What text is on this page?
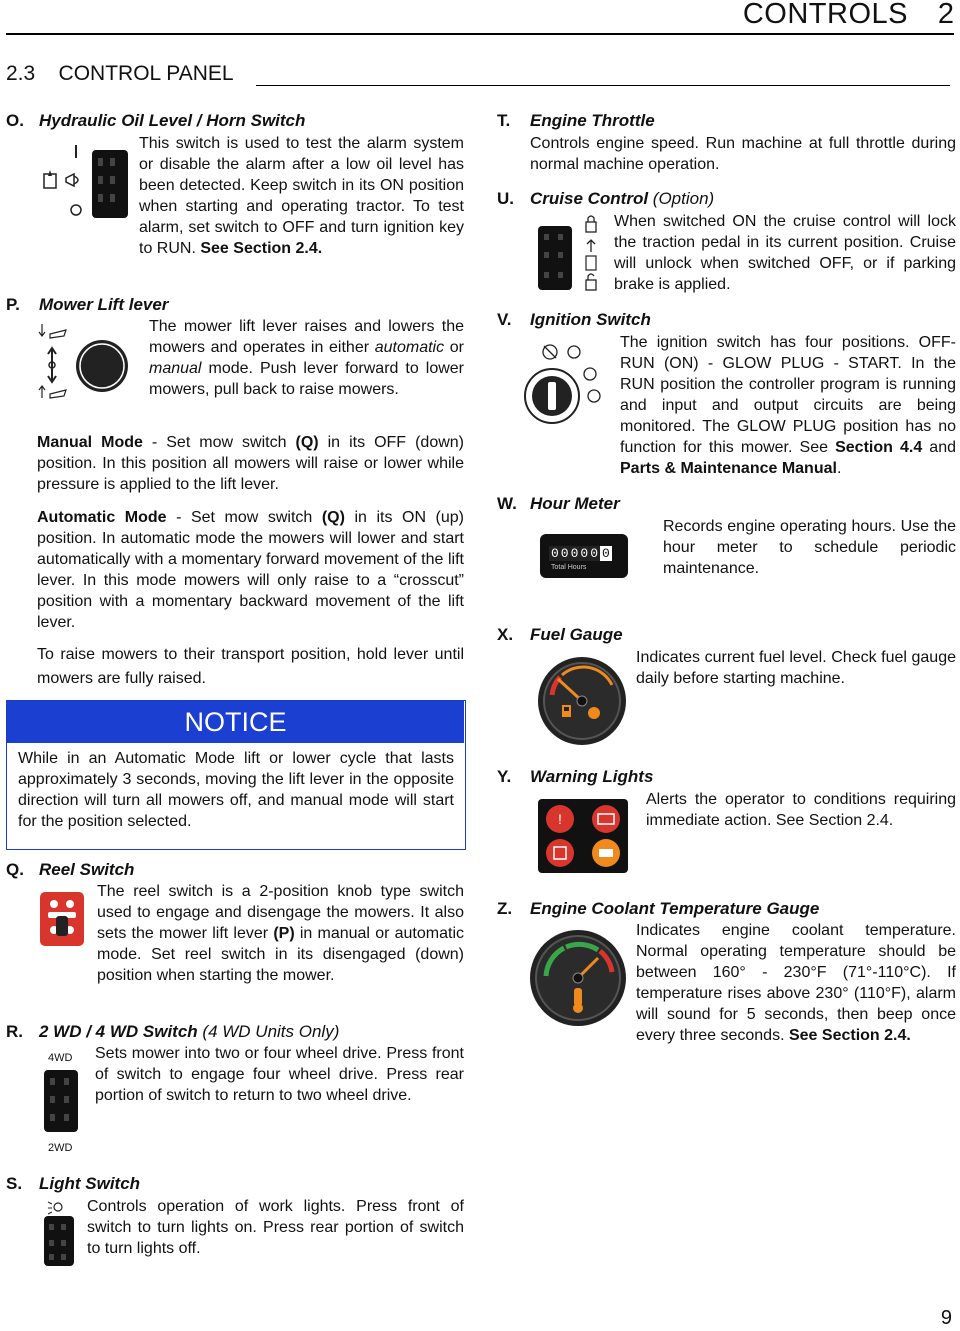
CONTROLS 2
2.3    CONTROL PANEL
O. Hydraulic Oil Level / Horn Switch
This switch is used to test the alarm system or disable the alarm after a low oil level has been detected. Keep switch in its ON position when starting and operating tractor. To test alarm, set switch to OFF and turn ignition key to RUN. See Section 2.4.
P. Mower Lift lever
The mower lift lever raises and lowers the mowers and operates in either automatic or manual mode. Push lever forward to lower mowers, pull back to raise mowers.
Manual Mode - Set mow switch (Q) in its OFF (down) position. In this position all mowers will raise or lower while pressure is applied to the lift lever.
Automatic Mode - Set mow switch (Q) in its ON (up) position. In automatic mode the mowers will lower and start automatically with a momentary forward movement of the lift lever. In this mode mowers will only raise to a “crosscut” position with a momentary backward movement of the lift lever.
To raise mowers to their transport position, hold lever until mowers are fully raised.
NOTICE
While in an Automatic Mode lift or lower cycle that lasts approximately 3 seconds, moving the lift lever in the opposite direction will turn all mowers off, and manual mode will start for the position selected.
Q. Reel Switch
The reel switch is a 2-position knob type switch used to engage and disengage the mowers. It also sets the mower lift lever (P) in manual or automatic mode. Set reel switch in its disengaged (down) position when starting the mower.
R. 2 WD / 4 WD Switch (4 WD Units Only)
4WD
2WD
Sets mower into two or four wheel drive. Press front of switch to engage four wheel drive. Press rear portion of switch to return to two wheel drive.
S. Light Switch
Controls operation of work lights. Press front of switch to turn lights on. Press rear portion of switch to turn lights off.
T. Engine Throttle
Controls engine speed. Run machine at full throttle during normal machine operation.
U. Cruise Control (Option)
When switched ON the cruise control will lock the traction pedal in its current position. Cruise will unlock when switched OFF, or if parking brake is applied.
V. Ignition Switch
The ignition switch has four positions. OFF-RUN (ON) - GLOW PLUG - START. In the RUN position the controller program is running and input and output circuits are being monitored. The GLOW PLUG position has no function for this mower. See Section 4.4 and Parts & Maintenance Manual.
W. Hour Meter
00000 0
Total Hours
Records engine operating hours. Use the hour meter to schedule periodic maintenance.
X. Fuel Gauge
Indicates current fuel level. Check fuel gauge daily before starting machine.
Y. Warning Lights
!
Alerts the operator to conditions requiring immediate action. See Section 2.4.
Z. Engine Coolant Temperature Gauge
Indicates engine coolant temperature. Normal operating temperature should be between 160° - 230°F (71°-110°C). If temperature rises above 230° (110°F), alarm will sound for 5 seconds, then beep once every three seconds. See Section 2.4.
9
